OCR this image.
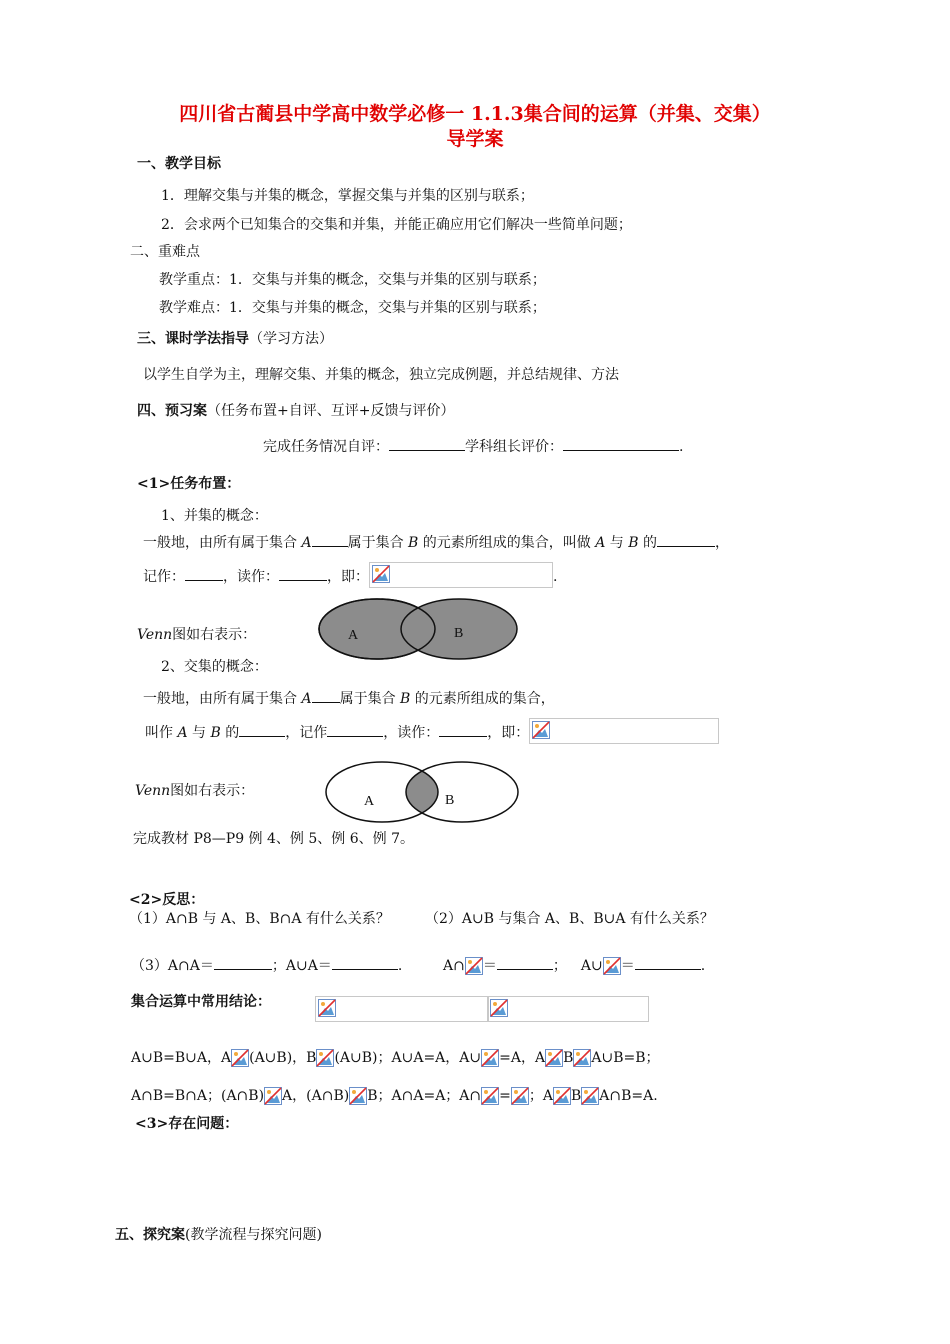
四川省古蔺县中学高中数学必修一 1.1.3集合间的运算（并集、交集）
导学案
一、教学目标
1．理解交集与并集的概念，掌握交集与并集的区别与联系；
2．会求两个已知集合的交集和并集，并能正确应用它们解决一些简单问题；
二、重难点
教学重点：1．交集与并集的概念，交集与并集的区别与联系；
教学难点：1．交集与并集的概念，交集与并集的区别与联系；
三、课时学法指导（学习方法）
以学生自学为主，理解交集、并集的概念，独立完成例题，并总结规律、方法
四、预习案（任务布置+自评、互评+反馈与评价）
完成任务情况自评：	学科组长评价：	.
<1>任务布置：
1、并集的概念：
一般地，由所有属于集合 A	属于集合 B 的元素所组成的集合，叫做 A 与 B 的	，
记作：	，读作：	，即：	.
Venn图如右表示：	A	B
2、交集的概念：
一般地，由所有属于集合 A 属于集合 B 的元素所组成的集合，
叫作 A 与 B 的	，记作	，读作：	，即：
Venn图如右表示：
A	B
完成教材 P8—P9 例 4、例 5、例 6、例 7。
<2>反思：
（1）A∩B 与 A、B、B∩A 有什么关系？	（2）A∪B 与集合 A、B、B∪A 有什么关系？
（3）A∩A＝	；A∪A＝	.	A∩ ＝	； A∪ ＝	.
集合运算中常用结论：
A∪B=B∪A，A (A∪B)，B (A∪B)；A∪A=A，A∪ =A，A B A∪B=B；
A∩B=B∩A；(A∩B) A，(A∩B) B；A∩A=A；A∩ = ；A B A∩B=A.
<3>存在问题：
五、探究案(教学流程与探究问题)
